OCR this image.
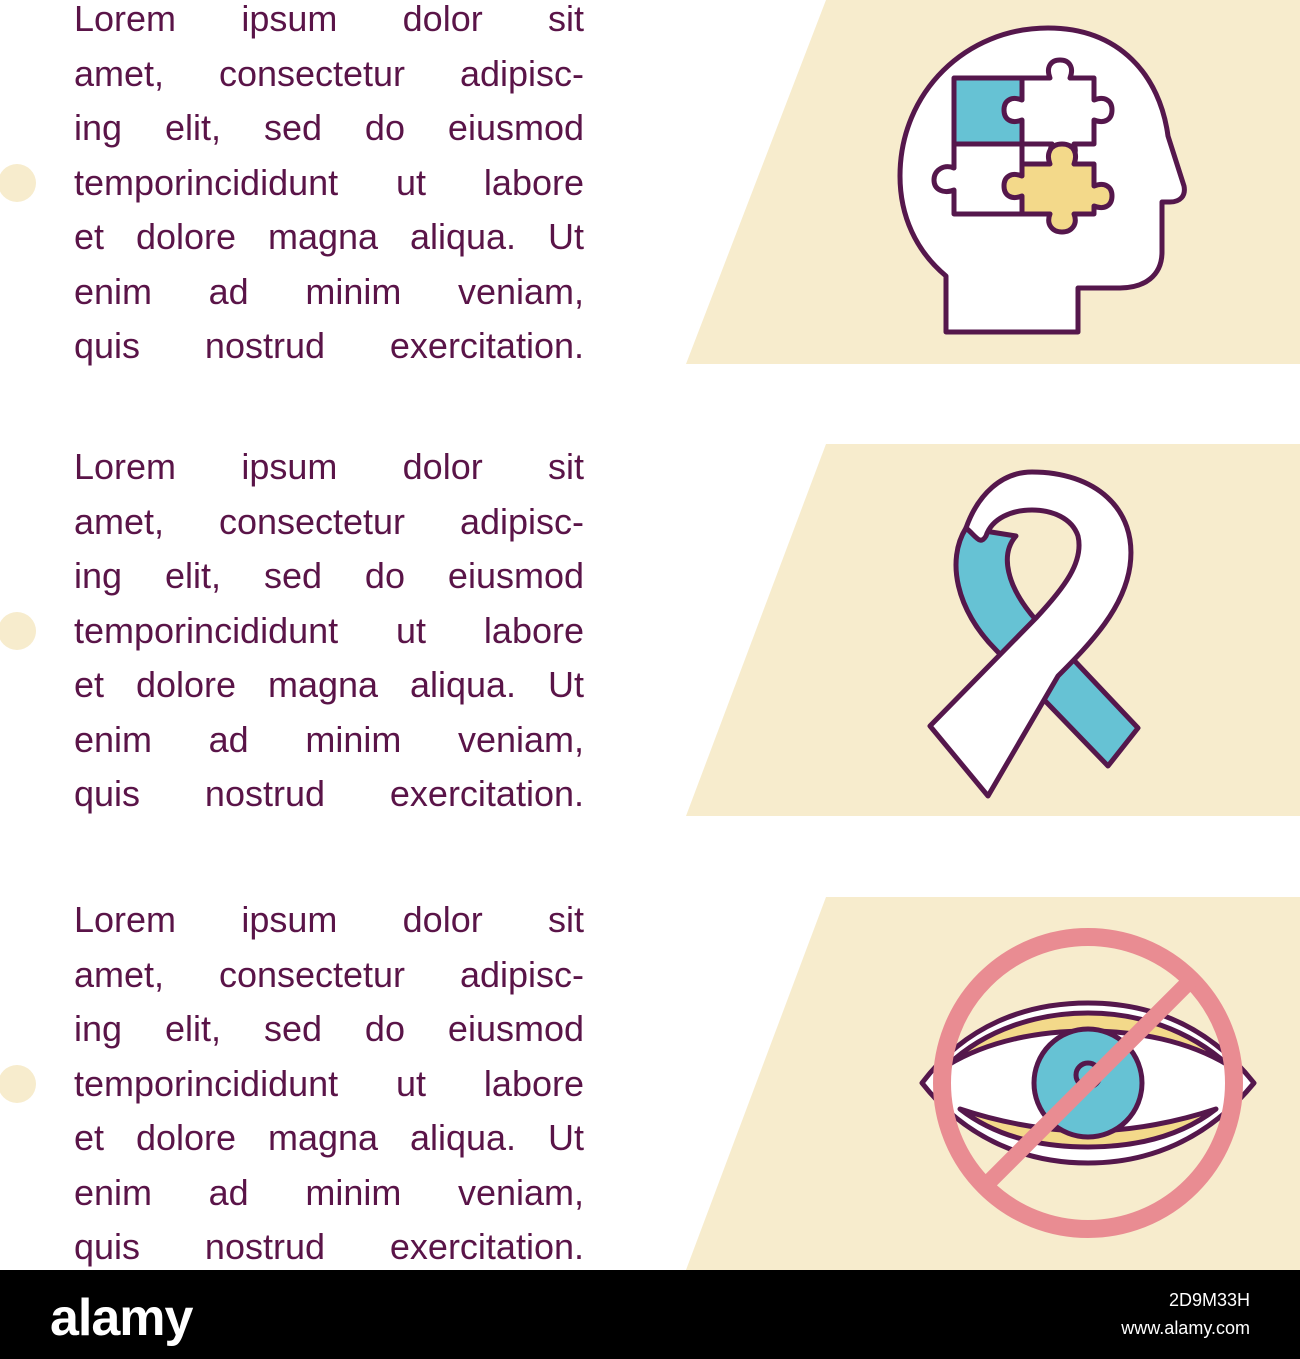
Lorem ipsum dolor sit
amet, consectetur adipisc-
ing elit, sed do eiusmod
temporincididunt ut labore
et dolore magna aliqua. Ut
enim ad minim veniam,
quis nostrud exercitation.
Lorem ipsum dolor sit
amet, consectetur adipisc-
ing elit, sed do eiusmod
temporincididunt ut labore
et dolore magna aliqua. Ut
enim ad minim veniam,
quis nostrud exercitation.
Lorem ipsum dolor sit
amet, consectetur adipisc-
ing elit, sed do eiusmod
temporincididunt ut labore
et dolore magna aliqua. Ut
enim ad minim veniam,
quis nostrud exercitation.
alamy	2D9M33H
www.alamy.com
